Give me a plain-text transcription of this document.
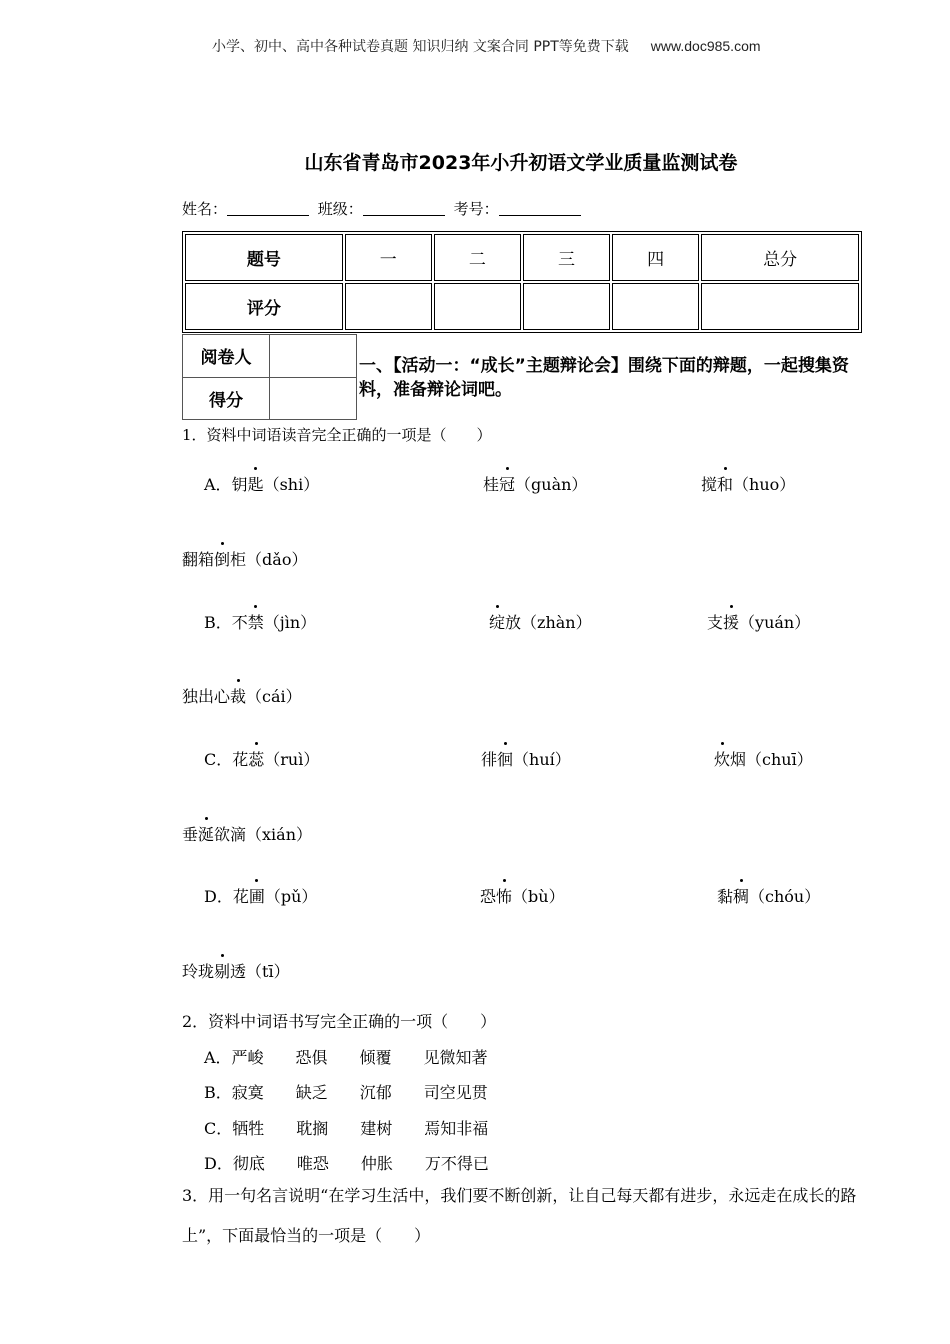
小学、初中、高中各种试卷真题 知识归纳 文案合同 PPT等免费下载 www.doc985.com
山东省青岛市2023年小升初语文学业质量监测试卷
姓名：	班级：	考号：
题号	一	二	三	四	总分
评分					
阅卷人	
得分	
一、【活动一：“成长”主题辩论会】围绕下面的辩题，一起搜集资料，准备辩论词吧。
1．资料中词语读音完全正确的一项是（　　）
A．钥匙（shi）	桂冠（guàn）	搅和（huo）
翻箱倒柜（dǎo）
B．不禁（jìn）	绽放（zhàn）	支援（yuán）
独出心裁（cái）
C．花蕊（ruì）	徘徊（huí）	炊烟（chuī）
垂涎欲滴（xián）
D．花圃（pǔ）	恐怖（bù）	黏稠（chóu）
玲珑剔透（tī）
2．资料中词语书写完全正确的一项（　　）
A．严峻　　恐俱　　倾覆　　见微知著
B．寂寞　　缺乏　　沉郁　　司空见贯
C．牺牲　　耽搁　　建树　　焉知非福
D．彻底　　唯恐　　仲胀　　万不得已
3．用一句名言说明“在学习生活中，我们要不断创新，让自己每天都有进步，永远走在成长的路上”，下面最恰当的一项是（　　）
